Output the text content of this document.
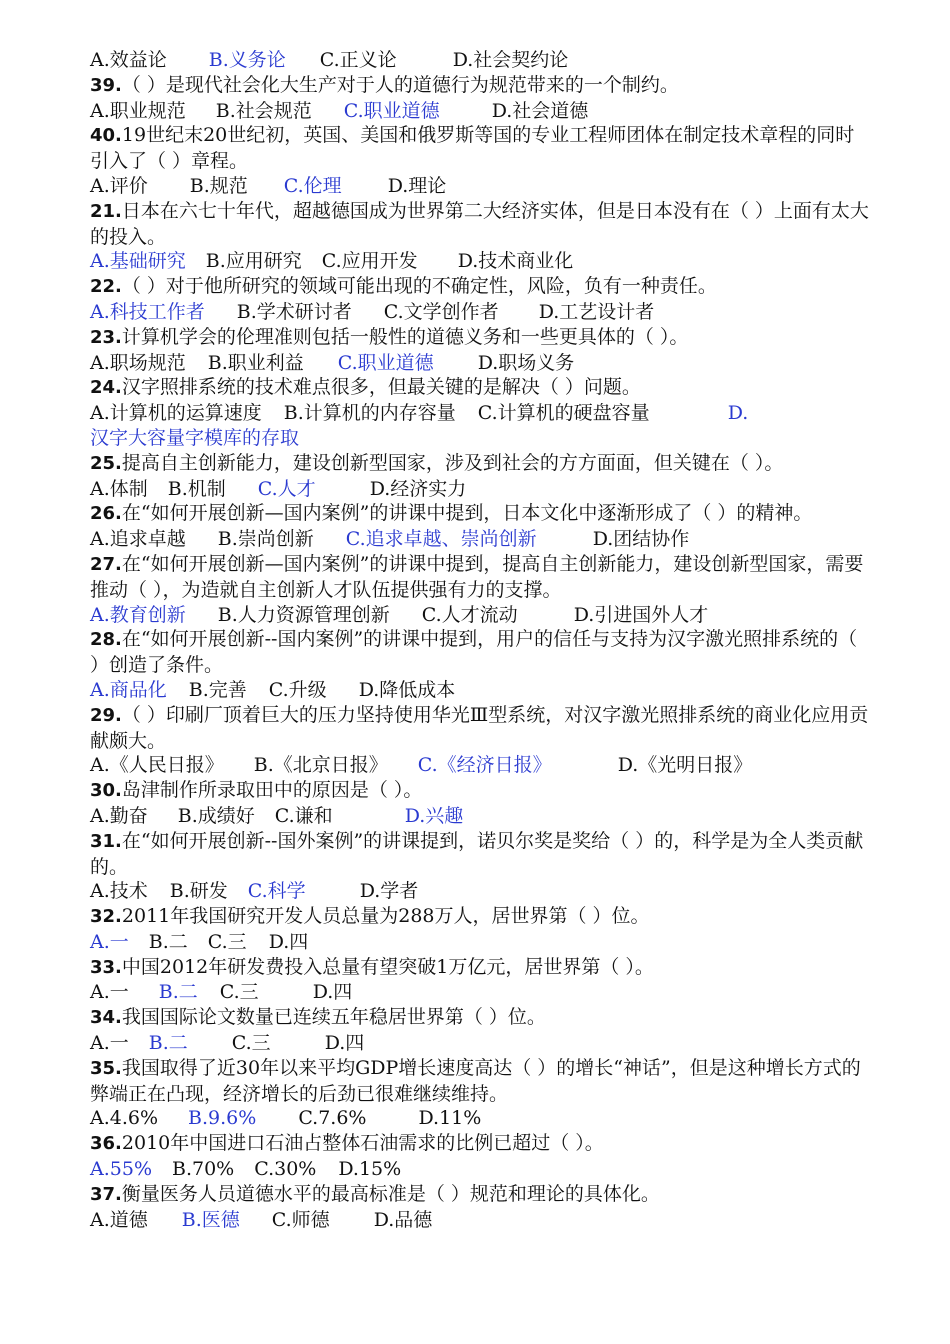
A.效益论 B.义务论 C.正义论	D.社会契约论

39.（ ）是现代社会化大生产对于人的道德行为规范带来的一个制约。

A.职业规范 B.社会规范 C.职业道德	D.社会道德

40.19世纪末20世纪初，英国、美国和俄罗斯等国的专业工程师团体在制定技术章程的同时引入了（ ）章程。

A.评价 B.规范 C.伦理 D.理论

21.日本在六七十年代，超越德国成为世界第二大经济实体，但是日本没有在（ ）上面有太大的投入。

A.基础研究 B.应用研究 C.应用开发 D.技术商业化

22.（ ）对于他所研究的领域可能出现的不确定性，风险，负有一种责任。

A.科技工作者 B.学术研讨者 C.文学创作者 D.工艺设计者

23.计算机学会的伦理准则包括一般性的道德义务和一些更具体的（ ）。

A.职场规范 B.职业利益 C.职业道德 D.职场义务

24.汉字照排系统的技术难点很多，但最关键的是解决（ ）问题。

A.计算机的运算速度 B.计算机的内存容量 C.计算机的硬盘容量	D.

汉字大容量字模库的存取

25.提高自主创新能力，建设创新型国家，涉及到社会的方方面面，但关键在（ ）。

A.体制 B.机制 C.人才	D.经济实力

26.在“如何开展创新—国内案例”的讲课中提到，日本文化中逐渐形成了（ ）的精神。

A.追求卓越 B.崇尚创新 C.追求卓越、崇尚创新	D.团结协作

27.在“如何开展创新—国内案例”的讲课中提到，提高自主创新能力，建设创新型国家，需要推动（ ），为造就自主创新人才队伍提供强有力的支撑。

A.教育创新 B.人力资源管理创新 C.人才流动	D.引进国外人才

28.在“如何开展创新--国内案例”的讲课中提到，用户的信任与支持为汉字激光照排系统的（ ）创造了条件。

A.商品化 B.完善 C.升级 D.降低成本

29.（ ）印刷厂顶着巨大的压力坚持使用华光Ⅲ型系统，对汉字激光照排系统的商业化应用贡献颇大。

A.《人民日报》 B.《北京日报》 C.《经济日报》	D.《光明日报》

30.岛津制作所录取田中的原因是（ ）。

A.勤奋 B.成绩好 C.谦和	D.兴趣

31.在“如何开展创新--国外案例”的讲课提到，诺贝尔奖是奖给（ ）的，科学是为全人类贡献的。

A.技术 B.研发 C.科学	D.学者

32.2011年我国研究开发人员总量为288万人，居世界第（ ）位。

A.一 B.二 C.三 D.四

33.中国2012年研发费投入总量有望突破1万亿元，居世界第（ ）。

A.一 B.二 C.三	D.四

34.我国国际论文数量已连续五年稳居世界第（ ）位。

A.一 B.二 C.三	D.四

35.我国取得了近30年以来平均GDP增长速度高达（ ）的增长“神话”，但是这种增长方式的弊端正在凸现，经济增长的后劲已很难继续维持。

A.4.6% B.9.6% C.7.6%	D.11%

36.2010年中国进口石油占整体石油需求的比例已超过（ ）。

A.55% B.70% C.30% D.15%

37.衡量医务人员道德水平的最高标准是（ ）规范和理论的具体化。

A.道德 B.医德 C.师德 D.品德
